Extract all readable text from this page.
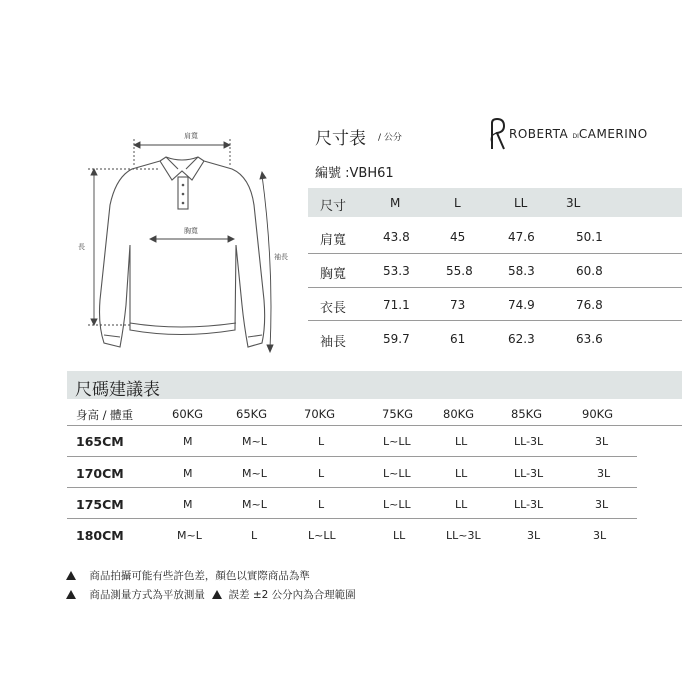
肩寬
胸寬
長
袖長
尺寸表 / 公分
編號 :VBH61
ROBERTA DICAMERINO
尺寸	M	L	LL	3L
肩寬	43.8	45	47.6	50.1
胸寬	53.3	55.8	58.3	60.8
衣長	71.1	73	74.9	76.8
袖長	59.7	61	62.3	63.6
尺碼建議表
身高 / 體重	60KG	65KG	70KG	75KG	80KG	85KG	90KG
165CM	M	M~L	L	L~LL	LL	LL-3L	3L
170CM	M	M~L	L	L~LL	LL	LL-3L	3L
175CM	M	M~L	L	L~LL	LL	LL-3L	3L
180CM	M~L	L	L~LL	LL	LL~3L	3L	3L
商品拍攝可能有些許色差，顏色以實際商品為準
商品測量方式為平放測量 誤差 ±2 公分內為合理範圍
